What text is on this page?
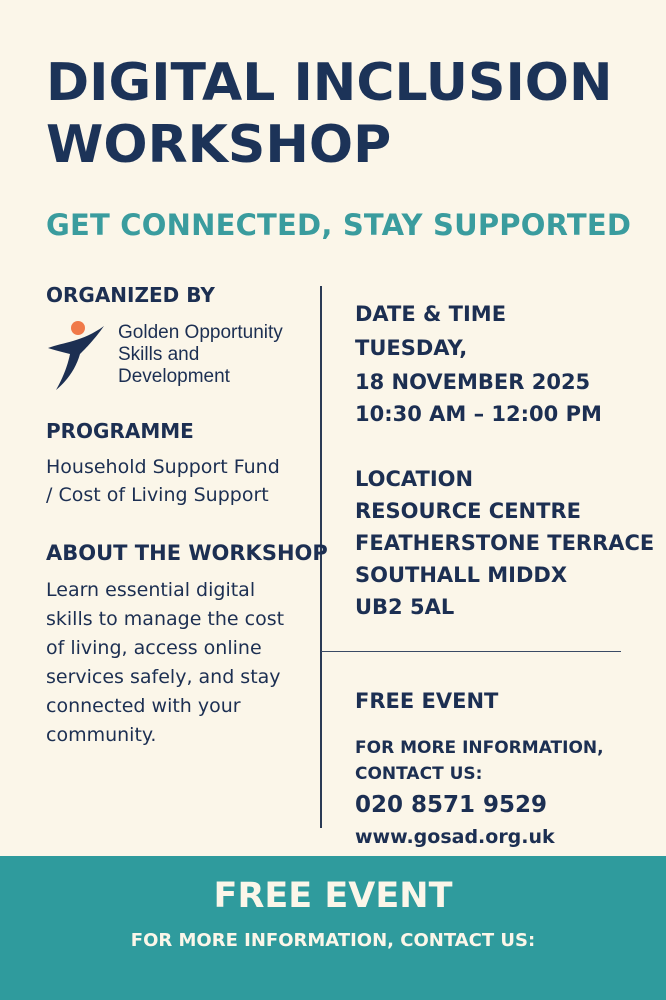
DIGITAL INCLUSION
WORKSHOP

GET CONNECTED, STAY SUPPORTED

ORGANIZED BY

Golden Opportunity
Skills and
Development

PROGRAMME

Household Support Fund
/ Cost of Living Support

ABOUT THE WORKSHOP

Learn essential digital
skills to manage the cost
of living, access online
services safely, and stay
connected with your
community.

DATE & TIME
TUESDAY,
18 NOVEMBER 2025
10:30 AM – 12:00 PM

LOCATION
RESOURCE CENTRE
FEATHERSTONE TERRACE
SOUTHALL MIDDX
UB2 5AL

FREE EVENT

FOR MORE INFORMATION,
CONTACT US:

020 8571 9529

www.gosad.org.uk

FREE EVENT

FOR MORE INFORMATION, CONTACT US:
